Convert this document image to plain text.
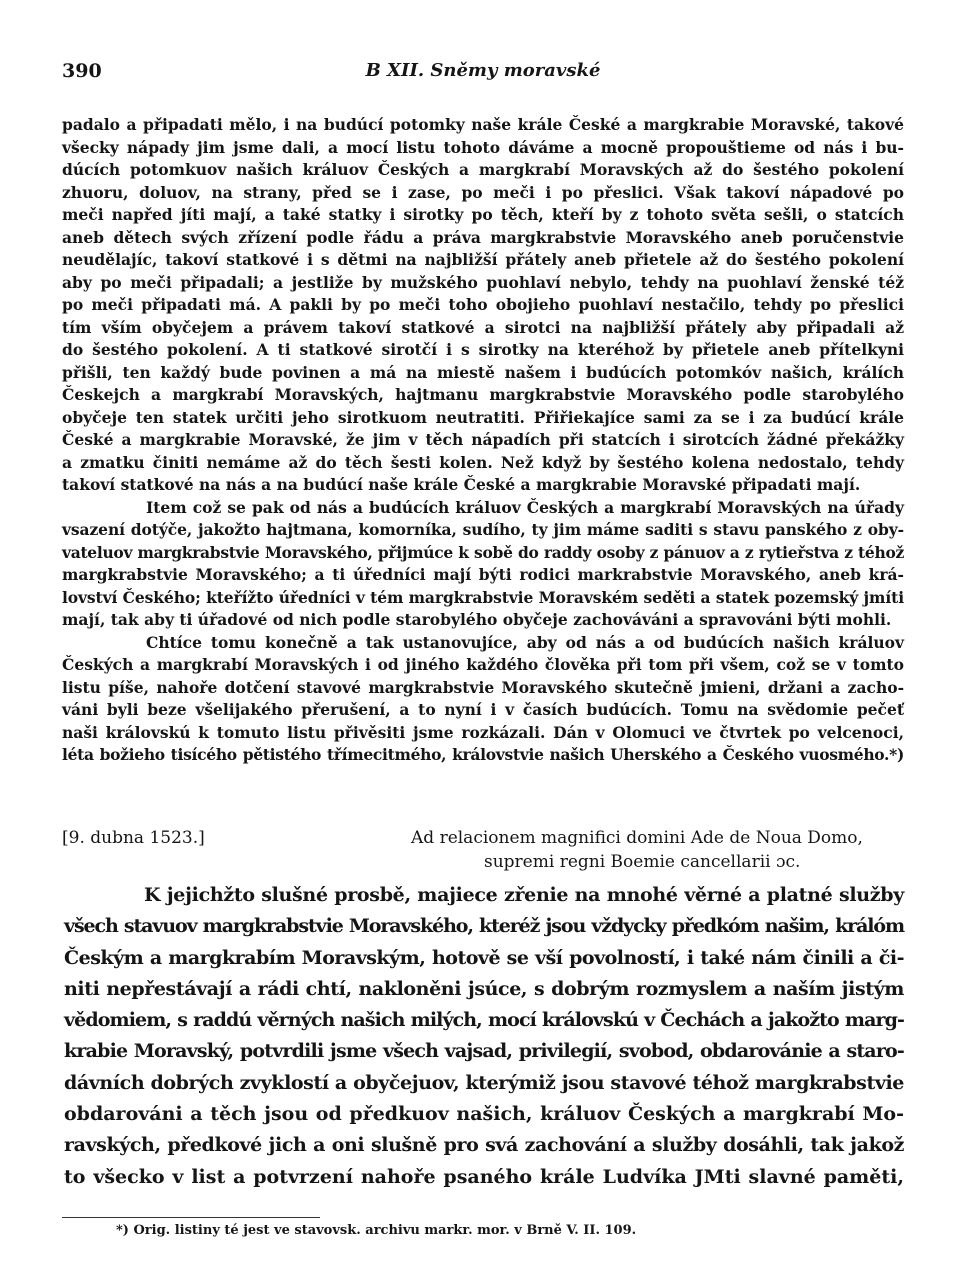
390	B XII. Sněmy moravské
padalo a připadati mělo, i na budúcí potomky naše krále České a margkrabie Moravské, takové
všecky nápady jim jsme dali, a mocí listu tohoto dáváme a mocně propouštieme od nás i bu-
dúcích potomkuov našich králuov Českých a margkrabí Moravských až do šestého pokolení
zhuoru, doluov, na strany, před se i zase, po meči i po přeslici. Však takoví nápadové po
meči napřed jíti mají, a také statky i sirotky po těch, kteří by z tohoto světa sešli, o statcích
aneb dětech svých zřízení podle řádu a práva margkrabstvie Moravského aneb poručenstvie
neudělajíc, takoví statkové i s dětmi na najbližší přátely aneb přietele až do šestého pokolení
aby po meči připadali; a jestliže by mužského puohlaví nebylo, tehdy na puohlaví ženské též
po meči připadati má. A pakli by po meči toho obojieho puohlaví nestačilo, tehdy po přeslici
tím vším obyčejem a právem takoví statkové a sirotci na najbližší přátely aby připadali až
do šestého pokolení. A ti statkové sirotčí i s sirotky na kteréhož by přietele aneb přítelkyni
přišli, ten každý bude povinen a má na miestě našem i budúcích potomkóv našich, králích
Českejch a margkrabí Moravských, hajtmanu margkrabstvie Moravského podle starobylého
obyčeje ten statek určiti jeho sirotkuom neutratiti. Přiřiekajíce sami za se i za budúcí krále
České a margkrabie Moravské, že jim v těch nápadích při statcích i sirotcích žádné překážky
a zmatku činiti nemáme až do těch šesti kolen. Než když by šestého kolena nedostalo, tehdy
takoví statkové na nás a na budúcí naše krále České a margkrabie Moravské připadati mají.
Item což se pak od nás a budúcích králuov Českých a margkrabí Moravských na úřady
vsazení dotýče, jakožto hajtmana, komorníka, sudího, ty jim máme saditi s stavu panského z oby-
vateluov margkrabstvie Moravského, přijmúce k sobě do raddy osoby z pánuov a z rytieřstva z téhož
margkrabstvie Moravského; a ti úředníci mají býti rodici markrabstvie Moravského, aneb krá-
lovství Českého; kteřížto úředníci v tém margkrabstvie Moravském seděti a statek pozemský jmíti
mají, tak aby ti úřadové od nich podle starobylého obyčeje zachováváni a spravováni býti mohli.
Chtíce tomu konečně a tak ustanovujíce, aby od nás a od budúcích našich králuov
Českých a margkrabí Moravských i od jiného každého člověka při tom při všem, což se v tomto
listu píše, nahoře dotčení stavové margkrabstvie Moravského skutečně jmieni, držani a zacho-
váni byli beze všelijakého přerušení, a to nyní i v časích budúcích. Tomu na svědomie pečeť
naši královskú k tomuto listu přivěsiti jsme rozkázali. Dán v Olomuci ve čtvrtek po velcenoci,
léta božieho tisícého pětistého třímecitmého, královstvie našich Uherského a Českého vuosmého.*)
[9. dubna 1523.]	Ad relacionem magnifici domini Ade de Noua Domo,
supremi regni Boemie cancellarii ɔc.
K jejichžto slušné prosbě, majiece zřenie na mnohé věrné a platné služby
všech stavuov margkrabstvie Moravského, kteréž jsou vždycky předkóm našim, králóm
Českým a margkrabím Moravským, hotově se vší povolností, i také nám činili a či-
niti nepřestávají a rádi chtí, nakloněni jsúce, s dobrým rozmyslem a naším jistým
vědomiem, s raddú věrných našich milých, mocí královskú v Čechách a jakožto marg-
krabie Moravský, potvrdili jsme všech vajsad, privilegií, svobod, obdarovánie a staro-
dávních dobrých zvyklostí a obyčejuov, kterýmiž jsou stavové téhož margkrabstvie
obdarováni a těch jsou od předkuov našich, králuov Českých a margkrabí Mo-
ravských, předkové jich a oni slušně pro svá zachování a služby dosáhli, tak jakož
to všecko v list a potvrzení nahoře psaného krále Ludvíka JMti slavné paměti,
*) Orig. listiny té jest ve stavovsk. archivu markr. mor. v Brně V. II. 109.
